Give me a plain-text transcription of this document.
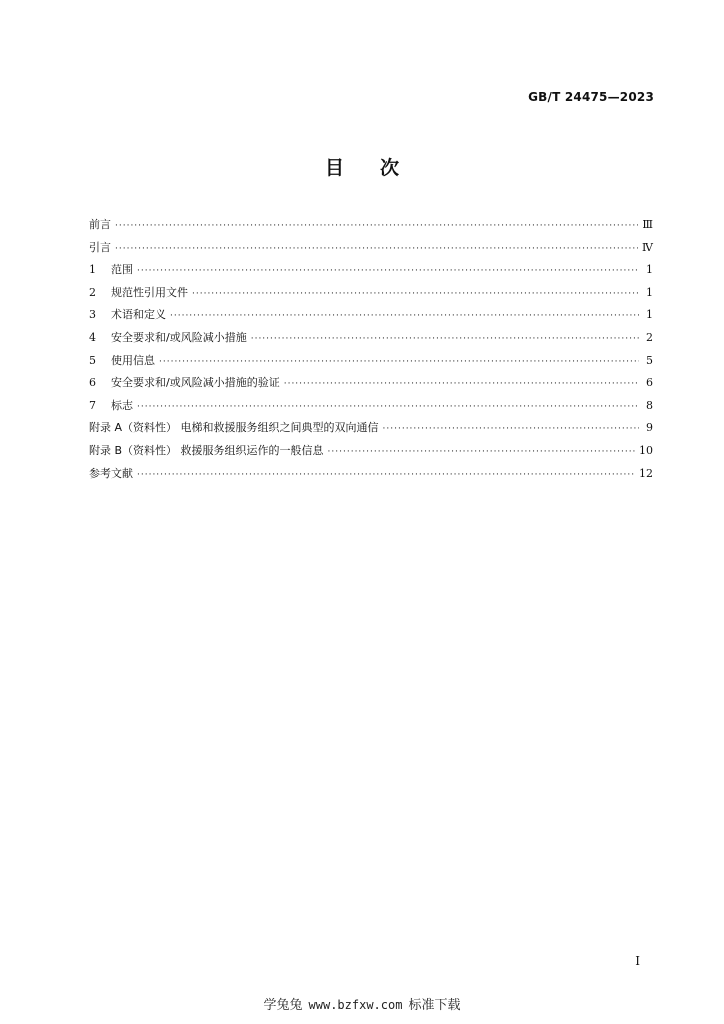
GB/T 24475—2023
目次
前言 ·····	Ⅲ
引言 ·····	Ⅳ
1	范围 ·····	1
2	规范性引用文件 ·····	1
3	术语和定义 ·····	1
4	安全要求和/或风险减小措施 ·····	2
5	使用信息 ·····	5
6	安全要求和/或风险减小措施的验证 ·····	6
7	标志 ·····	8
附录 A（资料性） 电梯和救援服务组织之间典型的双向通信 ·····	9
附录 B（资料性） 救援服务组织运作的一般信息 ·····	10
参考文献 ·····	12
Ⅰ
学兔兔 www.bzfxw.com 标准下载
